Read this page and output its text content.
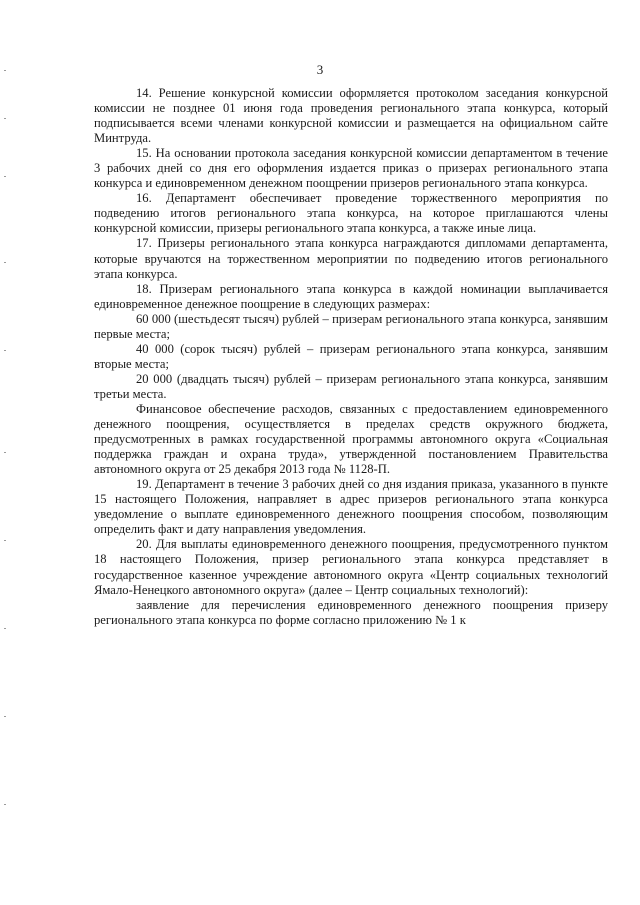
3

14. Решение конкурсной комиссии оформляется протоколом заседания конкурсной комиссии не позднее 01 июня года проведения регионального этапа конкурса, который подписывается всеми членами конкурсной комиссии и размещается на официальном сайте Минтруда.

15. На основании протокола заседания конкурсной комиссии департаментом в течение 3 рабочих дней со дня его оформления издается приказ о призерах регионального этапа конкурса и единовременном денежном поощрении призеров регионального этапа конкурса.

16. Департамент обеспечивает проведение торжественного мероприятия по подведению итогов регионального этапа конкурса, на которое приглашаются члены конкурсной комиссии, призеры регионального этапа конкурса, а также иные лица.

17. Призеры регионального этапа конкурса награждаются дипломами департамента, которые вручаются на торжественном мероприятии по подведению итогов регионального этапа конкурса.

18. Призерам регионального этапа конкурса в каждой номинации выплачивается единовременное денежное поощрение в следующих размерах:

60 000 (шестьдесят тысяч) рублей – призерам регионального этапа конкурса, занявшим первые места;

40 000 (сорок тысяч) рублей – призерам регионального этапа конкурса, занявшим вторые места;

20 000 (двадцать тысяч) рублей – призерам регионального этапа конкурса, занявшим третьи места.

Финансовое обеспечение расходов, связанных с предоставлением единовременного денежного поощрения, осуществляется в пределах средств окружного бюджета, предусмотренных в рамках государственной программы автономного округа «Социальная поддержка граждан и охрана труда», утвержденной постановлением Правительства автономного округа от 25 декабря 2013 года № 1128-П.

19. Департамент в течение 3 рабочих дней со дня издания приказа, указанного в пункте 15 настоящего Положения, направляет в адрес призеров регионального этапа конкурса уведомление о выплате единовременного денежного поощрения способом, позволяющим определить факт и дату направления уведомления.

20. Для выплаты единовременного денежного поощрения, предусмотренного пунктом 18 настоящего Положения, призер регионального этапа конкурса представляет в государственное казенное учреждение автономного округа «Центр социальных технологий Ямало-Ненецкого автономного округа» (далее – Центр социальных технологий):

заявление для перечисления единовременного денежного поощрения призеру регионального этапа конкурса по форме согласно приложению № 1 к
